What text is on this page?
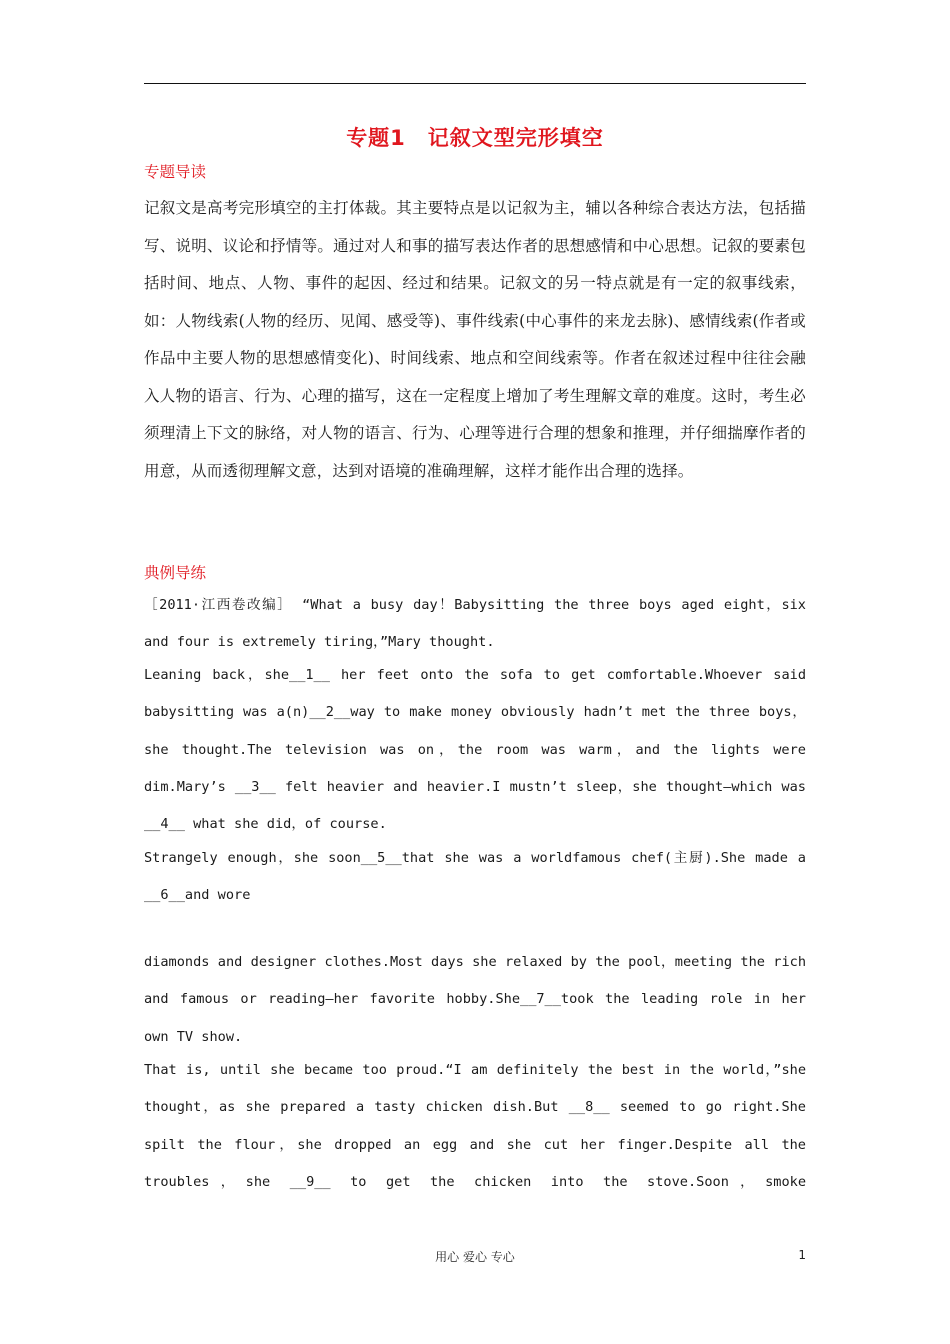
专题1　记叙文型完形填空
专题导读
记叙文是高考完形填空的主打体裁。其主要特点是以记叙为主，辅以各种综合表达方法，包括描写、说明、议论和抒情等。通过对人和事的描写表达作者的思想感情和中心思想。记叙的要素包括时间、地点、人物、事件的起因、经过和结果。记叙文的另一特点就是有一定的叙事线索，如：人物线索(人物的经历、见闻、感受等)、事件线索(中心事件的来龙去脉)、感情线索(作者或作品中主要人物的思想感情变化)、时间线索、地点和空间线索等。作者在叙述过程中往往会融入人物的语言、行为、心理的描写，这在一定程度上增加了考生理解文章的难度。这时，考生必须理清上下文的脉络，对人物的语言、行为、心理等进行合理的想象和推理，并仔细揣摩作者的用意，从而透彻理解文意，达到对语境的准确理解，这样才能作出合理的选择。
典例导练
［2011·江西卷改编］ “What a busy day！Babysitting the three boys aged eight，six and four is extremely tiring，”Mary thought.
Leaning back，she__1__ her feet onto the sofa to get comfortable.Whoever said babysitting was a(n)__2__way to make money obviously hadn’t met the three boys，she thought.The television was on，the room was warm，and the lights were dim.Mary’s __3__ felt heavier and heavier.I mustn’t sleep，she thought—which was __4__ what she did，of course.
Strangely enough，she soon__5__that she was a worldfamous chef(主厨).She made a __6__and wore
diamonds and designer clothes.Most days she relaxed by the pool，meeting the rich and famous or reading—her favorite hobby.She__7__took the leading role in her own TV show.
That is, until she became too proud.“I am definitely the best in the world，”she thought，as she prepared a tasty chicken dish.But __8__ seemed to go right.She spilt the flour，she dropped an egg and she cut her finger.Despite all the troubles，she __9__ to get the chicken into the stove.Soon，smoke
用心 爱心 专心	1
